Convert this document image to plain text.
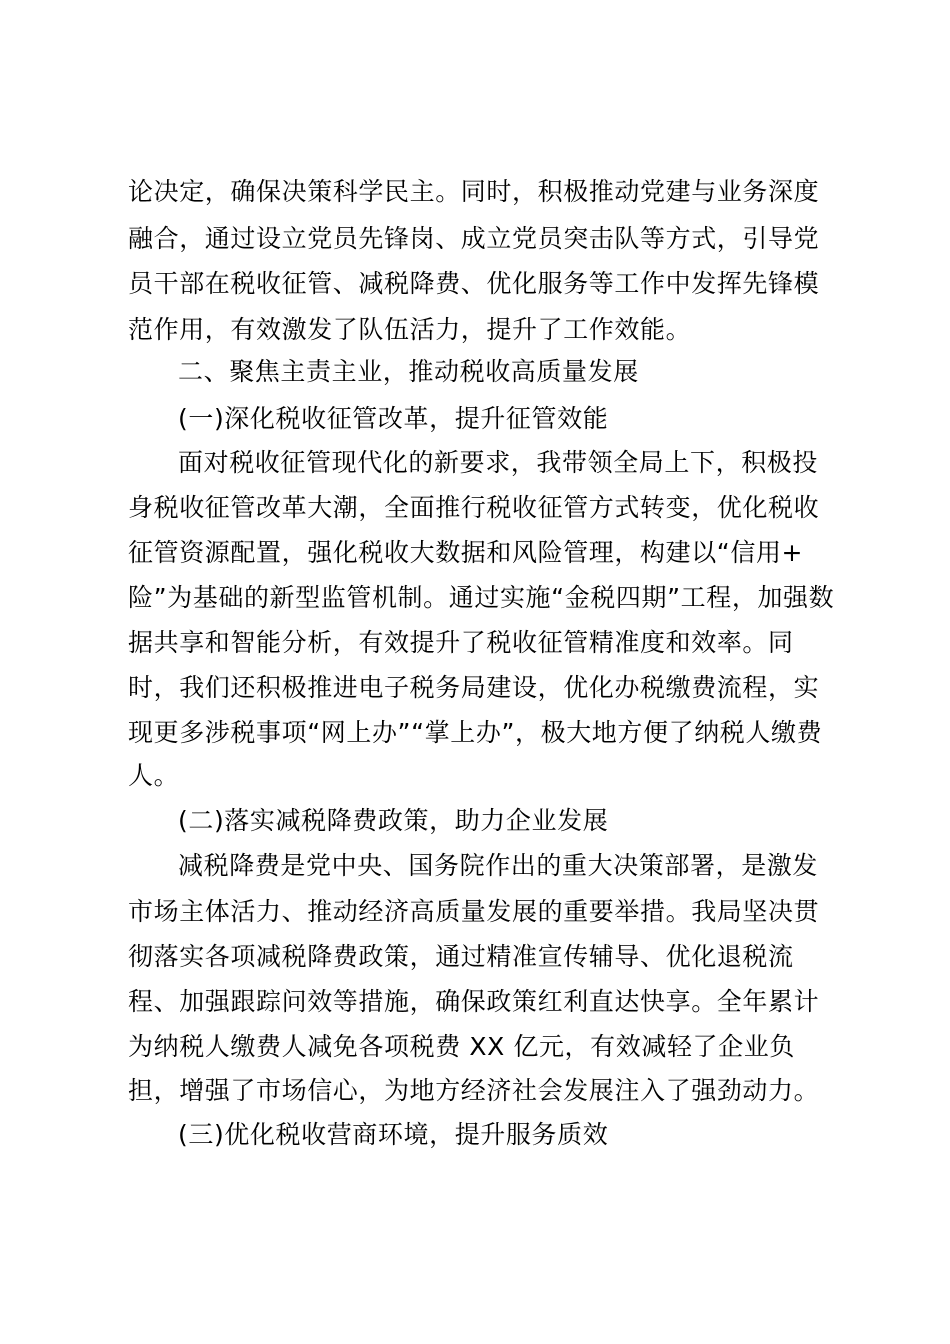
论决定，确保决策科学民主。同时，积极推动党建与业务深度
融合，通过设立党员先锋岗、成立党员突击队等方式，引导党
员干部在税收征管、减税降费、优化服务等工作中发挥先锋模
范作用，有效激发了队伍活力，提升了工作效能。
二、聚焦主责主业，推动税收高质量发展
(一)深化税收征管改革，提升征管效能
面对税收征管现代化的新要求，我带领全局上下，积极投
身税收征管改革大潮，全面推行税收征管方式转变，优化税收
征管资源配置，强化税收大数据和风险管理，构建以“信用+
险”为基础的新型监管机制。通过实施“金税四期”工程，加强数
据共享和智能分析，有效提升了税收征管精准度和效率。同
时，我们还积极推进电子税务局建设，优化办税缴费流程，实
现更多涉税事项“网上办”“掌上办”，极大地方便了纳税人缴费
人。
(二)落实减税降费政策，助力企业发展
减税降费是党中央、国务院作出的重大决策部署，是激发
市场主体活力、推动经济高质量发展的重要举措。我局坚决贯
彻落实各项减税降费政策，通过精准宣传辅导、优化退税流
程、加强跟踪问效等措施，确保政策红利直达快享。全年累计
为纳税人缴费人减免各项税费 XX 亿元，有效减轻了企业负
担，增强了市场信心，为地方经济社会发展注入了强劲动力。
(三)优化税收营商环境，提升服务质效
